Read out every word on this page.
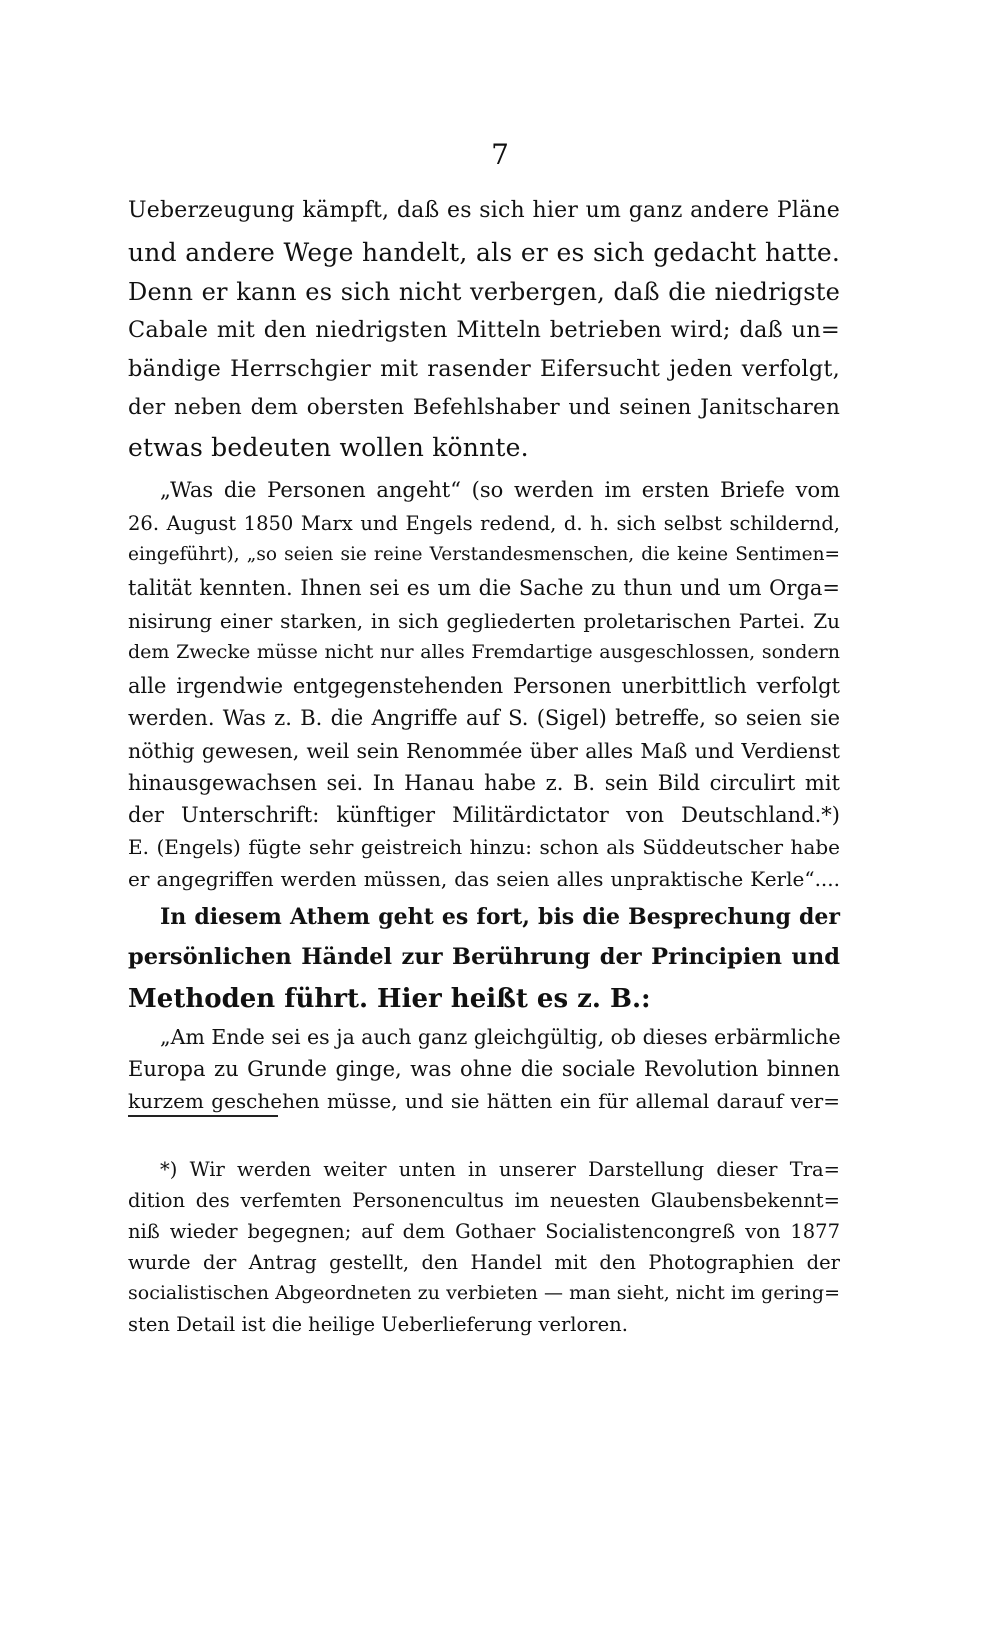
7
Ueberzeugung kämpft, daß es sich hier um ganz andere Pläne
und andere Wege handelt, als er es sich gedacht hatte.
Denn er kann es sich nicht verbergen, daß die niedrigste
Cabale mit den niedrigsten Mitteln betrieben wird; daß un=
bändige Herrschgier mit rasender Eifersucht jeden verfolgt,
der neben dem obersten Befehlshaber und seinen Janitscharen
etwas bedeuten wollen könnte.
„Was die Personen angeht“ (so werden im ersten Briefe vom
26. August 1850 Marx und Engels redend, d. h. sich selbst schildernd,
eingeführt), „so seien sie reine Verstandesmenschen, die keine Sentimen=
talität kennten. Ihnen sei es um die Sache zu thun und um Orga=
nisirung einer starken, in sich gegliederten proletarischen Partei. Zu
dem Zwecke müsse nicht nur alles Fremdartige ausgeschlossen, sondern
alle irgendwie entgegenstehenden Personen unerbittlich verfolgt
werden. Was z. B. die Angriffe auf S. (Sigel) betreffe, so seien sie
nöthig gewesen, weil sein Renommée über alles Maß und Verdienst
hinausgewachsen sei. In Hanau habe z. B. sein Bild circulirt mit
der Unterschrift: künftiger Militärdictator von Deutschland.*)
E. (Engels) fügte sehr geistreich hinzu: schon als Süddeutscher habe
er angegriffen werden müssen, das seien alles unpraktische Kerle“....
In diesem Athem geht es fort, bis die Besprechung der
persönlichen Händel zur Berührung der Principien und
Methoden führt. Hier heißt es z. B.:
„Am Ende sei es ja auch ganz gleichgültig, ob dieses erbärmliche
Europa zu Grunde ginge, was ohne die sociale Revolution binnen
kurzem geschehen müsse, und sie hätten ein für allemal darauf ver=
*) Wir werden weiter unten in unserer Darstellung dieser Tra=
dition des verfemten Personencultus im neuesten Glaubensbekennt=
niß wieder begegnen; auf dem Gothaer Socialistencongreß von 1877
wurde der Antrag gestellt, den Handel mit den Photographien der
socialistischen Abgeordneten zu verbieten — man sieht, nicht im gering=
sten Detail ist die heilige Ueberlieferung verloren.
